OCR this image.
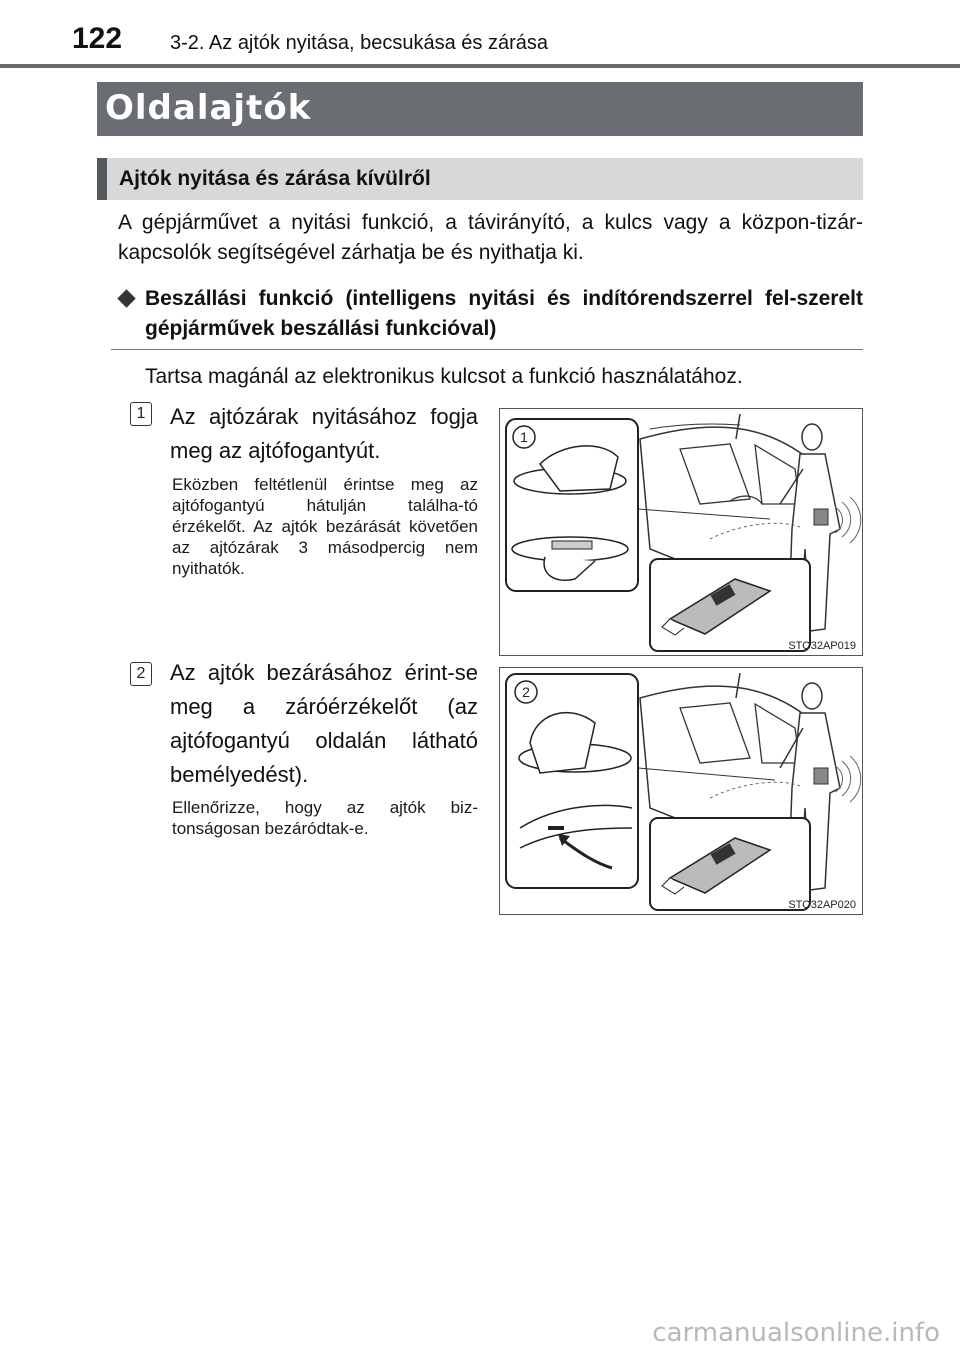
122 3-2. Az ajtók nyitása, becsukása és zárása
Oldalajtók
Ajtók nyitása és zárása kívülről
A gépjárművet a nyitási funkció, a távirányító, a kulcs vagy a közpon-tizár-kapcsolók segítségével zárhatja be és nyithatja ki.
Beszállási funkció (intelligens nyitási és indítórendszerrel fel-szerelt gépjárművek beszállási funkcióval)
Tartsa magánál az elektronikus kulcsot a funkció használatához.
1 Az ajtózárak nyitásához fogja meg az ajtófogantyút.
Eközben feltétlenül érintse meg az ajtófogantyú hátulján találha-tó érzékelőt. Az ajtók bezárását követően az ajtózárak 3 másodpercig nem nyithatók.
1
STO32AP019
2 Az ajtók bezárásához érint-se meg a záróérzékelőt (az ajtófogantyú oldalán látható bemélyedést).
Ellenőrizze, hogy az ajtók biz-tonságosan bezáródtak-e.
2
STO32AP020
carmanualsonline.info
